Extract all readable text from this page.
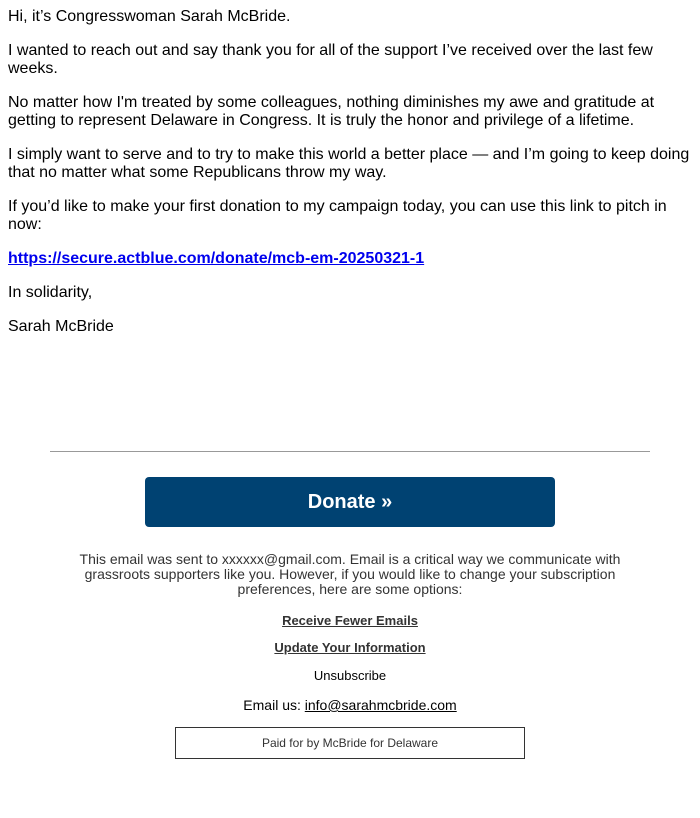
Hi, it’s Congresswoman Sarah McBride.

I wanted to reach out and say thank you for all of the support I’ve received over the last few weeks.

No matter how I'm treated by some colleagues, nothing diminishes my awe and gratitude at getting to represent Delaware in Congress. It is truly the honor and privilege of a lifetime.

I simply want to serve and to try to make this world a better place — and I’m going to keep doing that no matter what some Republicans throw my way.

If you’d like to make your first donation to my campaign today, you can use this link to pitch in now:

https://secure.actblue.com/donate/mcb-em-20250321-1

In solidarity,

Sarah McBride

Donate »
This email was sent to xxxxxx@gmail.com. Email is a critical way we communicate with grassroots supporters like you. However, if you would like to change your subscription preferences, here are some options:
Receive Fewer Emails
Update Your Information
Unsubscribe
Email us: info@sarahmcbride.com
Paid for by McBride for Delaware
